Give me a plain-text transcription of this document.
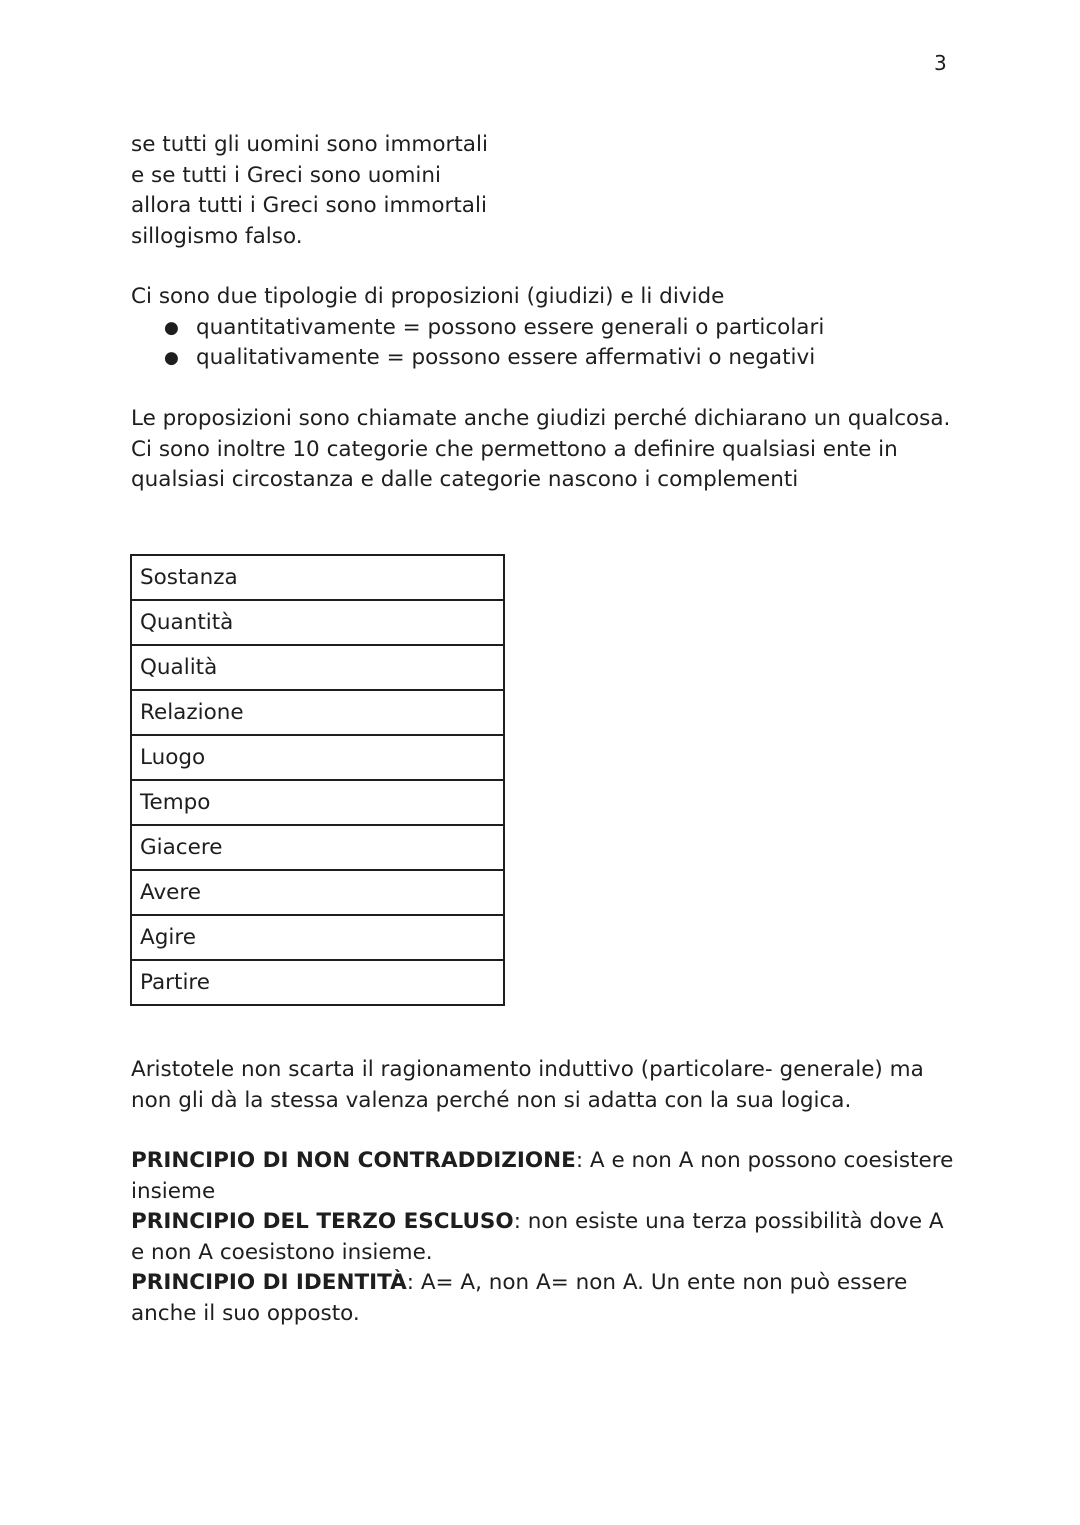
3
se tutti gli uomini sono immortali
e se tutti i Greci sono uomini
allora tutti i Greci sono immortali
sillogismo falso.
Ci sono due tipologie di proposizioni (giudizi) e li divide
● quantitativamente = possono essere generali o particolari
● qualitativamente = possono essere affermativi o negativi
Le proposizioni sono chiamate anche giudizi perché dichiarano un qualcosa.
Ci sono inoltre 10 categorie che permettono a definire qualsiasi ente in qualsiasi circostanza e dalle categorie nascono i complementi
Sostanza
Quantità
Qualità
Relazione
Luogo
Tempo
Giacere
Avere
Agire
Partire
Aristotele non scarta il ragionamento induttivo (particolare- generale) ma non gli dà la stessa valenza perché non si adatta con la sua logica.
PRINCIPIO DI NON CONTRADDIZIONE: A e non A non possono coesistere insieme
PRINCIPIO DEL TERZO ESCLUSO: non esiste una terza possibilità dove A e non A coesistono insieme.
PRINCIPIO DI IDENTITÀ: A= A, non A= non A. Un ente non può essere anche il suo opposto.
